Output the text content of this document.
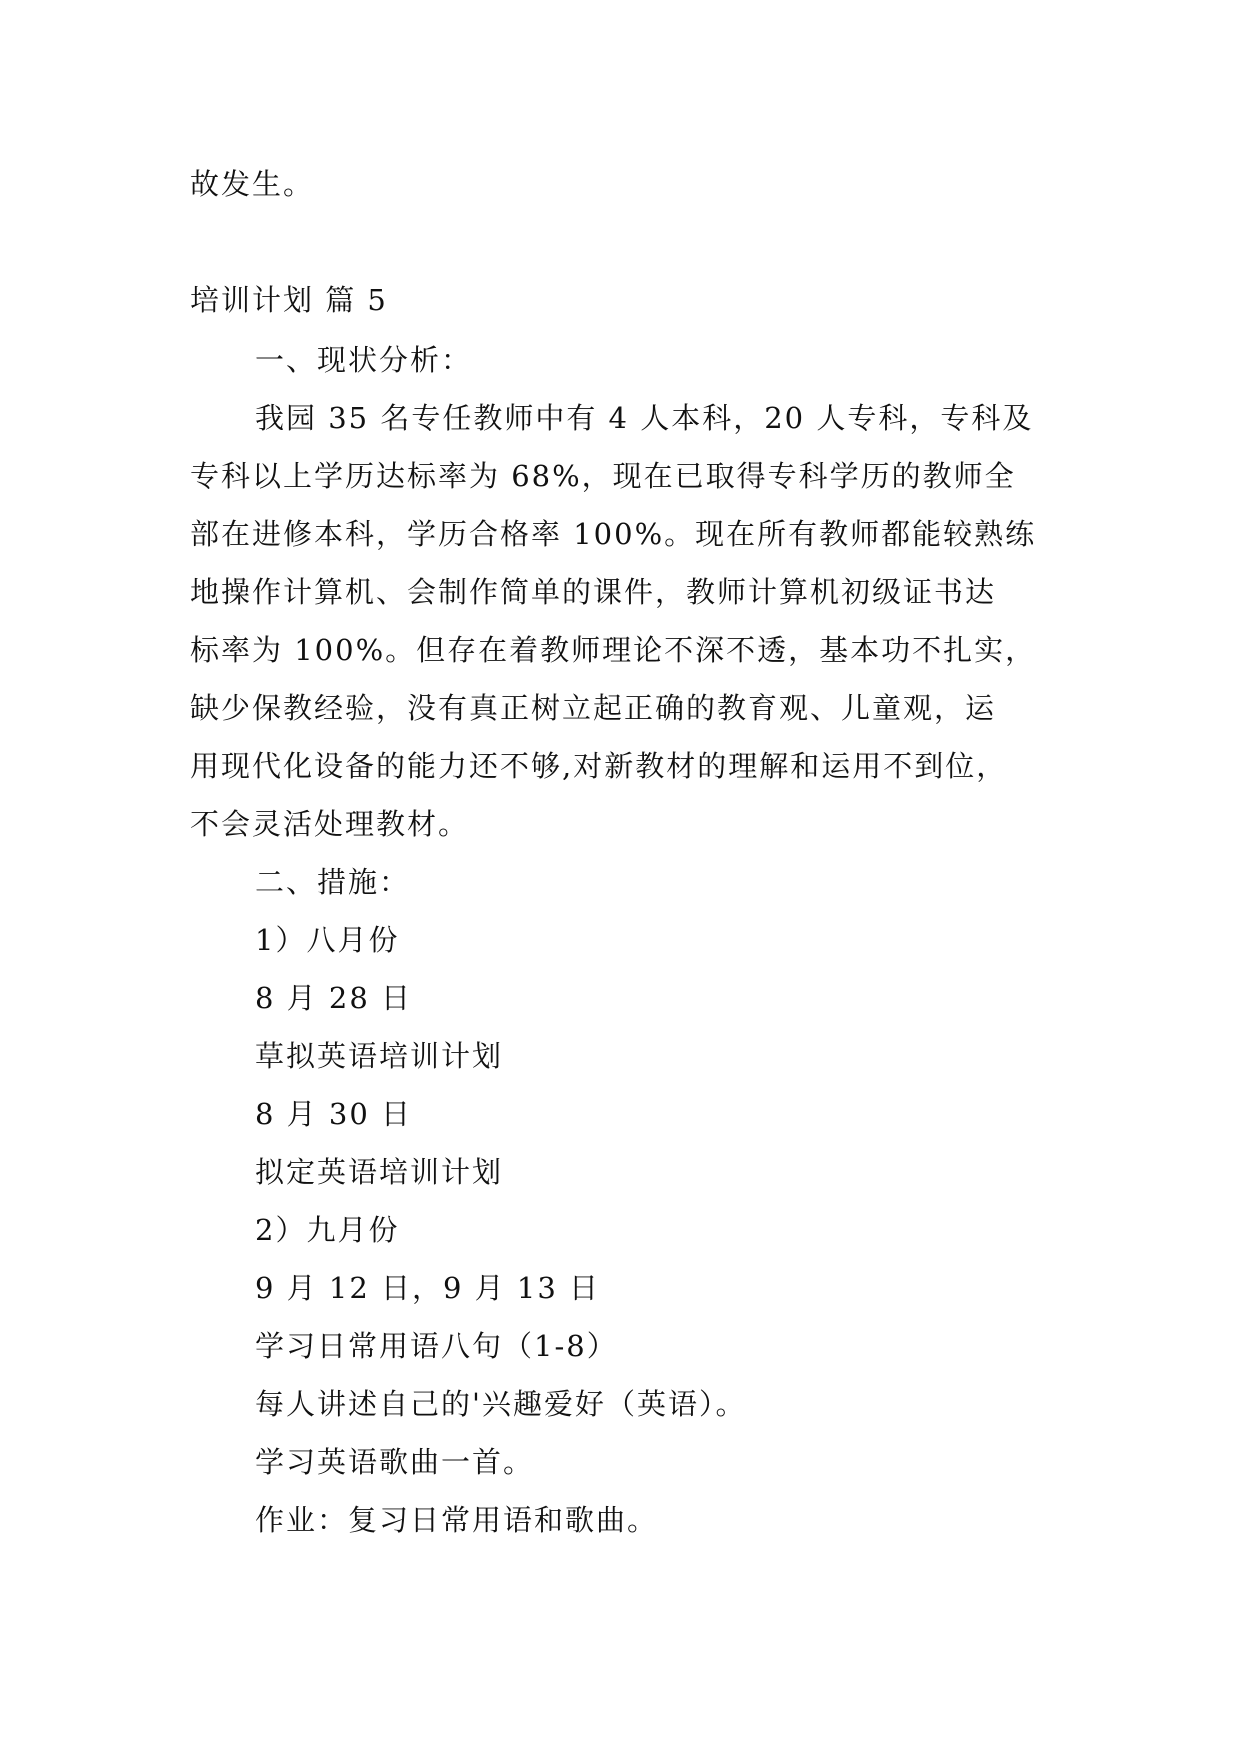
故发生。
培训计划 篇 5
一、现状分析：
我园 35 名专任教师中有 4 人本科，20 人专科，专科及
专科以上学历达标率为 68%，现在已取得专科学历的教师全
部在进修本科，学历合格率 100%。现在所有教师都能较熟练
地操作计算机、会制作简单的课件，教师计算机初级证书达
标率为 100%。但存在着教师理论不深不透，基本功不扎实，
缺少保教经验，没有真正树立起正确的教育观、儿童观，运
用现代化设备的能力还不够,对新教材的理解和运用不到位，
不会灵活处理教材。
二、措施：
1）八月份
8 月 28 日
草拟英语培训计划
8 月 30 日
拟定英语培训计划
2）九月份
9 月 12 日，9 月 13 日
学习日常用语八句（1-8）
每人讲述自己的'兴趣爱好（英语）。
学习英语歌曲一首。
作业：复习日常用语和歌曲。
